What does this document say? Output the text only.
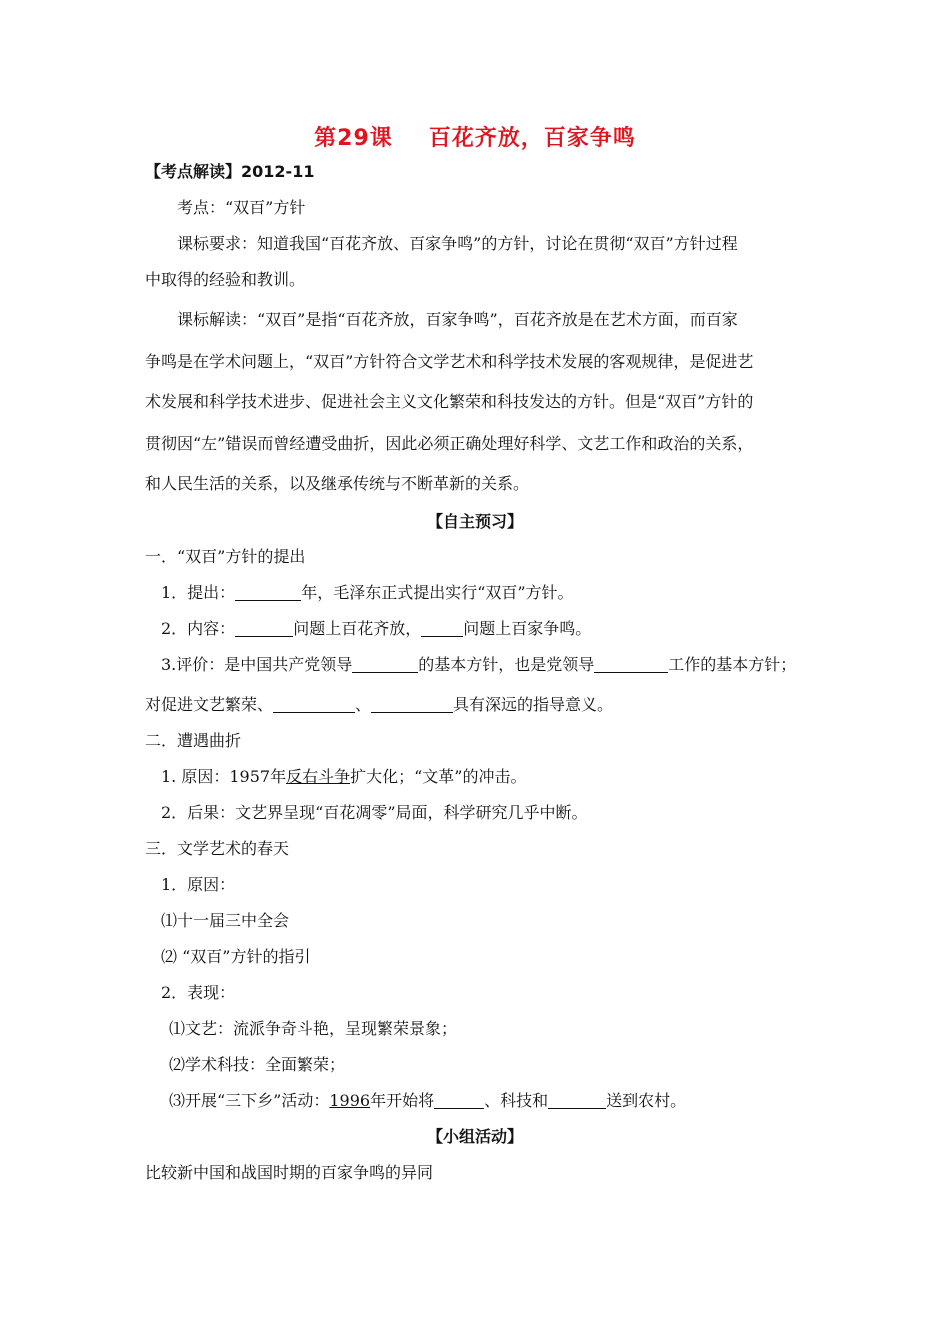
第29课 百花齐放，百家争鸣
【考点解读】2012-11
考点：“双百”方针
课标要求：知道我国“百花齐放、百家争鸣”的方针，讨论在贯彻“双百”方针过程
中取得的经验和教训。
课标解读：“双百”是指“百花齐放，百家争鸣”，百花齐放是在艺术方面，而百家
争鸣是在学术问题上，“双百”方针符合文学艺术和科学技术发展的客观规律，是促进艺
术发展和科学技术进步、促进社会主义文化繁荣和科技发达的方针。但是“双百”方针的
贯彻因“左”错误而曾经遭受曲折，因此必须正确处理好科学、文艺工作和政治的关系，
和人民生活的关系，以及继承传统与不断革新的关系。
【自主预习】
一．“双百”方针的提出
1．提出：	年，毛泽东正式提出实行“双百”方针。
2．内容：	问题上百花齐放，	问题上百家争鸣。
3.评价：是中国共产党领导	的基本方针，也是党领导	工作的基本方针；
对促进文艺繁荣、	、	具有深远的指导意义。
二．遭遇曲折
1. 原因：1957年反右斗争扩大化；“文革”的冲击。
2．后果：文艺界呈现“百花凋零”局面，科学研究几乎中断。
三．文学艺术的春天
1．原因：
⑴十一届三中全会
⑵ “双百”方针的指引
2．表现：
⑴文艺：流派争奇斗艳，呈现繁荣景象；
⑵学术科技：全面繁荣；
⑶开展“三下乡”活动：1996年开始将	、科技和	送到农村。
【小组活动】
比较新中国和战国时期的百家争鸣的异同
